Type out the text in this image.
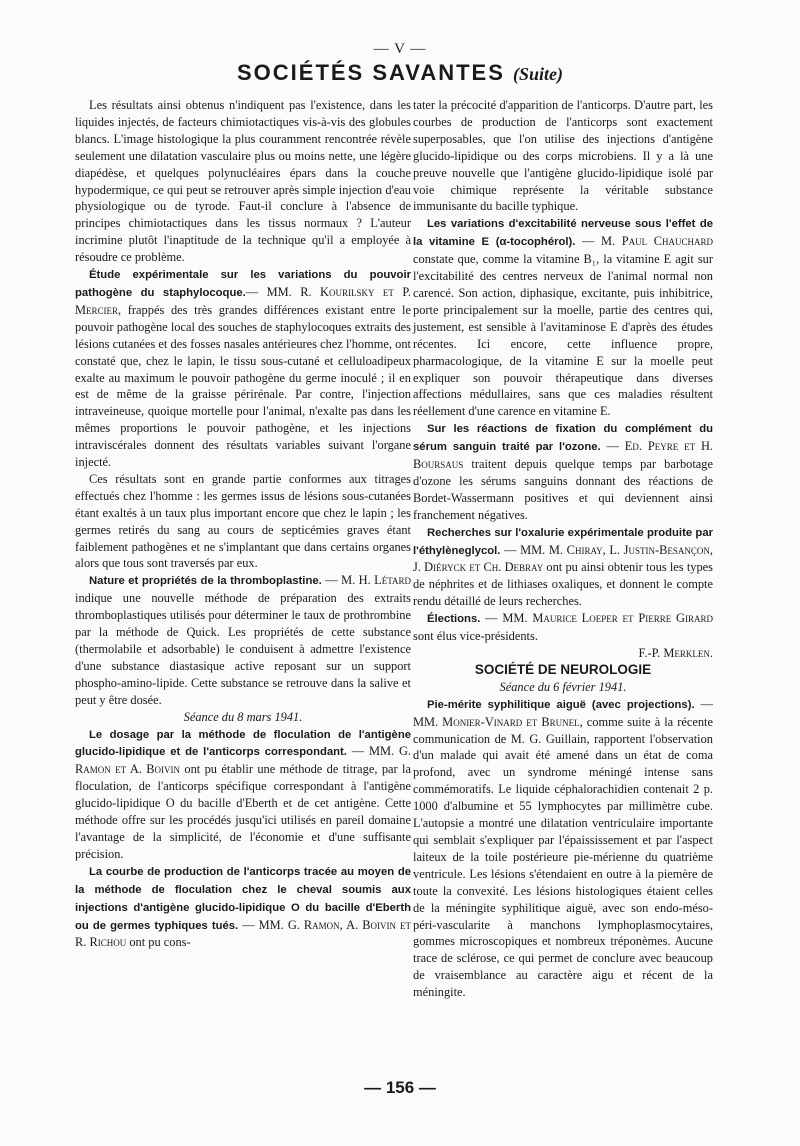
— V —
SOCIÉTÉS SAVANTES (Suite)

Les résultats ainsi obtenus n'indiquent pas l'existence, dans les liquides injectés, de facteurs chimiotactiques vis-à-vis des globules blancs. L'image histologique la plus couramment rencontrée révèle seulement une dilatation vasculaire plus ou moins nette, une légère diapédèse, et quelques polynucléaires épars dans la couche hypodermique, ce qui peut se retrouver après simple injection d'eau physiologique ou de tyrode. Faut-il conclure à l'absence de principes chimiotactiques dans les tissus normaux ? L'auteur incrimine plutôt l'inaptitude de la technique qu'il a employée à résoudre ce problème.

Étude expérimentale sur les variations du pouvoir pathogène du staphylocoque.— MM. R. Kourilsky et P. Mercier, frappés des très grandes différences existant entre le pouvoir pathogène local des souches de staphylocoques extraits des lésions cutanées et des fosses nasales antérieures chez l'homme, ont constaté que, chez le lapin, le tissu sous-cutané et celluloadipeux exalte au maximum le pouvoir pathogène du germe inoculé ; il en est de même de la graisse périrénale. Par contre, l'injection intraveineuse, quoique mortelle pour l'animal, n'exalte pas dans les mêmes proportions le pouvoir pathogène, et les injections intraviscérales donnent des résultats variables suivant l'organe injecté.

Ces résultats sont en grande partie conformes aux titrages effectués chez l'homme : les germes issus de lésions sous-cutanées étant exaltés à un taux plus important encore que chez le lapin ; les germes retirés du sang au cours de septicémies graves étant faiblement pathogènes et ne s'implantant que dans certains organes alors que tous sont traversés par eux.

Nature et propriétés de la thromboplastine. — M. H. Létard indique une nouvelle méthode de préparation des extraits thromboplastiques utilisés pour déterminer le taux de prothrombine par la méthode de Quick. Les propriétés de cette substance (thermolabile et adsorbable) le conduisent à admettre l'existence d'une substance diastasique active reposant sur un support phospho-amino-lipide. Cette substance se retrouve dans la salive et peut y être dosée.

Séance du 8 mars 1941.

Le dosage par la méthode de floculation de l'antigène glucido-lipidique et de l'anticorps correspondant. — MM. G. Ramon et A. Boivin ont pu établir une méthode de titrage, par la floculation, de l'anticorps spécifique correspondant à l'antigène glucido-lipidique O du bacille d'Eberth et de cet antigène. Cette méthode offre sur les procédés jusqu'ici utilisés en pareil domaine l'avantage de la simplicité, de l'économie et d'une suffisante précision.

La courbe de production de l'anticorps tracée au moyen de la méthode de floculation chez le cheval soumis aux injections d'antigène glucido-lipidique O du bacille d'Eberth ou de germes typhiques tués. — MM. G. Ramon, A. Boivin et R. Richou ont pu cons-

tater la précocité d'apparition de l'anticorps. D'autre part, les courbes de production de l'anticorps sont exactement superposables, que l'on utilise des injections d'antigène glucido-lipidique ou des corps microbiens. Il y a là une preuve nouvelle que l'antigène glucido-lipidique isolé par voie chimique représente la véritable substance immunisante du bacille typhique.

Les variations d'excitabilité nerveuse sous l'effet de la vitamine E (α-tocophérol). — M. Paul Chauchard constate que, comme la vitamine B₁, la vitamine E agit sur l'excitabilité des centres nerveux de l'animal normal non carencé. Son action, diphasique, excitante, puis inhibitrice, porte principalement sur la moelle, partie des centres qui, justement, est sensible à l'avitaminose E d'après des études récentes. Ici encore, cette influence propre, pharmacologique, de la vitamine E sur la moelle peut expliquer son pouvoir thérapeutique dans diverses affections médullaires, sans que ces maladies résultent réellement d'une carence en vitamine E.

Sur les réactions de fixation du complément du sérum sanguin traité par l'ozone. — Ed. Peyre et H. Boursaus traitent depuis quelque temps par barbotage d'ozone les sérums sanguins donnant des réactions de Bordet-Wassermann positives et qui deviennent ainsi franchement négatives.

Recherches sur l'oxalurie expérimentale produite par l'éthylèneglycol. — MM. M. Chiray, L. Justin-Besançon, J. Diéryck et Ch. Debray ont pu ainsi obtenir tous les types de néphrites et de lithiases oxaliques, et donnent le compte rendu détaillé de leurs recherches.

Élections. — MM. Maurice Loeper et Pierre Girard sont élus vice-présidents.

F.-P. Merklen.

SOCIÉTÉ DE NEUROLOGIE

Séance du 6 février 1941.

Pie-mérite syphilitique aiguë (avec projections). — MM. Monier-Vinard et Brunel, comme suite à la récente communication de M. G. Guillain, rapportent l'observation d'un malade qui avait été amené dans un état de coma profond, avec un syndrome méningé intense sans commémoratifs. Le liquide céphalorachidien contenait 2 p. 1000 d'albumine et 55 lymphocytes par millimètre cube. L'autopsie a montré une dilatation ventriculaire importante qui semblait s'expliquer par l'épaississement et par l'aspect laiteux de la toile postérieure pie-mérienne du quatrième ventricule. Les lésions s'étendaient en outre à la piemère de toute la convexité. Les lésions histologiques étaient celles de la méningite syphilitique aiguë, avec son endo-méso-péri-vascularite à manchons lymphoplasmocytaires, gommes microscopiques et nombreux tréponèmes. Aucune trace de sclérose, ce qui permet de conclure avec beaucoup de vraisemblance au caractère aigu et récent de la méningite.

— 156 —
